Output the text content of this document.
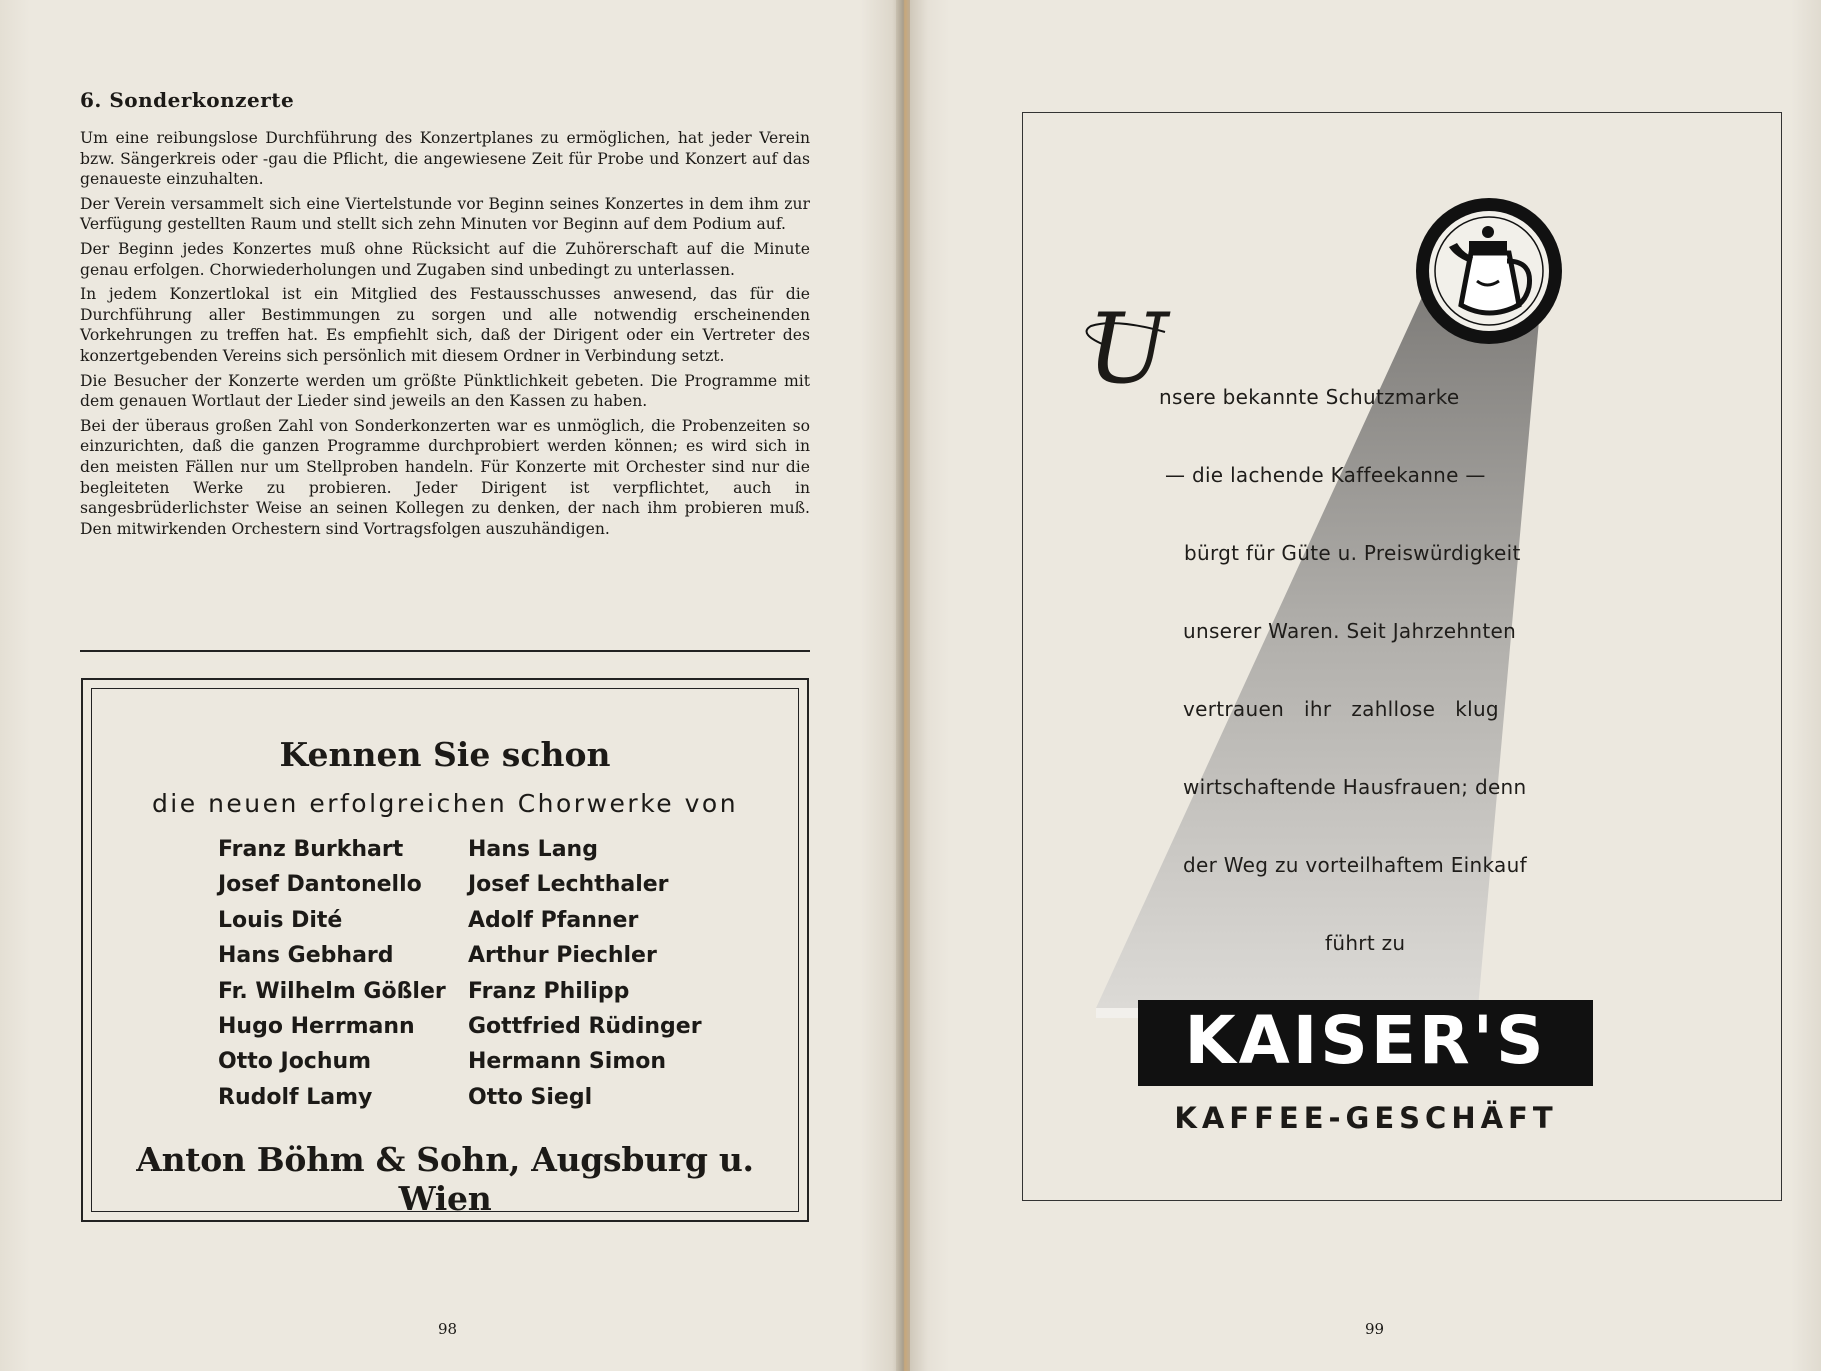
6. Sonderkonzerte

Um eine reibungslose Durchführung des Konzertplanes zu ermöglichen, hat jeder Verein bzw. Sängerkreis oder -gau die Pflicht, die angewiesene Zeit für Probe und Konzert auf das genaueste einzuhalten.

Der Verein versammelt sich eine Viertelstunde vor Beginn seines Konzertes in dem ihm zur Verfügung gestellten Raum und stellt sich zehn Minuten vor Beginn auf dem Podium auf.

Der Beginn jedes Konzertes muß ohne Rücksicht auf die Zuhörerschaft auf die Minute genau erfolgen. Chorwiederholungen und Zugaben sind unbedingt zu unterlassen.

In jedem Konzertlokal ist ein Mitglied des Festausschusses anwesend, das für die Durchführung aller Bestimmungen zu sorgen und alle notwendig erscheinenden Vorkehrungen zu treffen hat. Es empfiehlt sich, daß der Dirigent oder ein Vertreter des konzertgebenden Vereins sich persönlich mit diesem Ordner in Verbindung setzt.

Die Besucher der Konzerte werden um größte Pünktlichkeit gebeten. Die Programme mit dem genauen Wortlaut der Lieder sind jeweils an den Kassen zu haben.

Bei der überaus großen Zahl von Sonderkonzerten war es unmöglich, die Probenzeiten so einzurichten, daß die ganzen Programme durchprobiert werden können; es wird sich in den meisten Fällen nur um Stellproben handeln. Für Konzerte mit Orchester sind nur die begleiteten Werke zu probieren. Jeder Dirigent ist verpflichtet, auch in sangesbrüderlichster Weise an seinen Kollegen zu denken, der nach ihm probieren muß. Den mitwirkenden Orchestern sind Vortragsfolgen auszuhändigen.

Kennen Sie schon
die neuen erfolgreichen Chorwerke von
Franz Burkhart
Josef Dantonello
Louis Dité
Hans Gebhard
Fr. Wilhelm Gößler
Hugo Herrmann
Otto Jochum
Rudolf Lamy
Hans Lang
Josef Lechthaler
Adolf Pfanner
Arthur Piechler
Franz Philipp
Gottfried Rüdinger
Hermann Simon
Otto Siegl
Anton Böhm & Sohn, Augsburg u. Wien
98
U
nsere bekannte Schutzmarke
— die lachende Kaffeekanne —
bürgt für Güte u. Preiswürdigkeit
unserer Waren. Seit Jahrzehnten
vertrauen   ihr   zahllose   klug
wirtschaftende Hausfrauen; denn
der Weg zu vorteilhaftem Einkauf
führt zu
KAISER'S
KAFFEE-GESCHÄFT
99
